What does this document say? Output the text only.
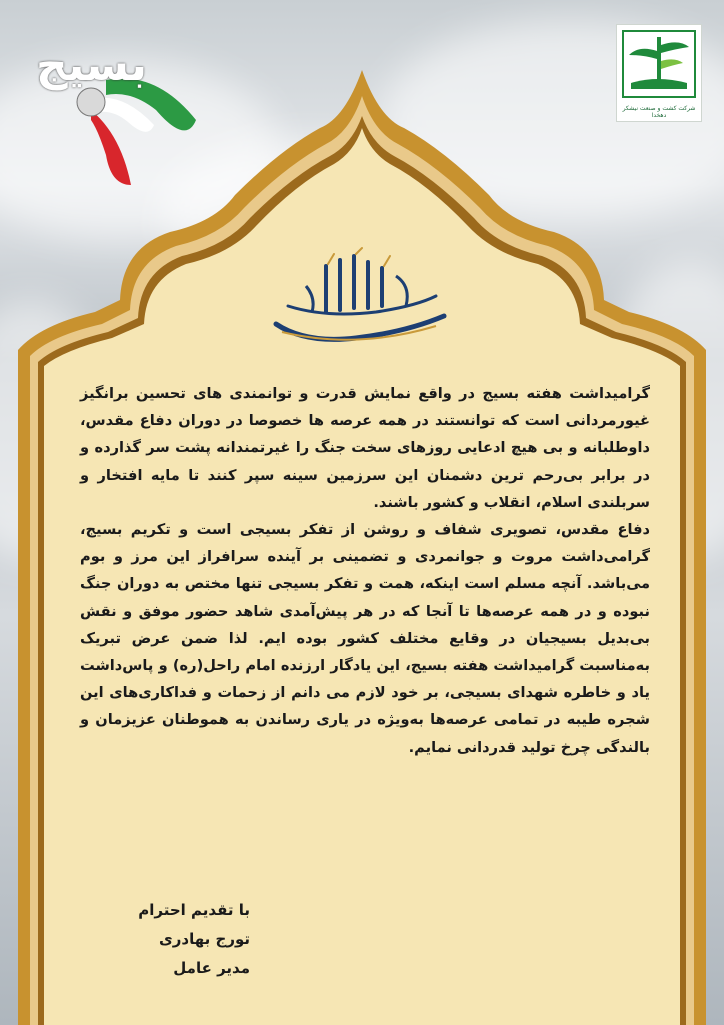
بسیج
شرکت کشت و صنعت نیشکر دهخدا

گرامیداشت هفته بسیج در واقع نمایش قدرت و توانمندی های تحسین برانگیز غیورمردانی است که توانستند در همه عرصه ها خصوصا در دوران دفاع مقدس، داوطلبانه و بی هیچ ادعایی روزهای سخت جنگ را غیرتمندانه پشت سر گذارده و در برابر بی‌رحم ترین دشمنان این سرزمین سینه سپر کنند تا مایه افتخار و سربلندی اسلام، انقلاب و کشور باشند.

دفاع مقدس، تصویری شفاف و روشن از تفکر بسیجی است و تکریم بسیج، گرامی‌داشت مروت و جوانمردی و تضمینی بر آینده سرافراز این مرز و بوم می‌باشد. آنچه مسلم است اینکه، همت و تفکر بسیجی تنها مختص به دوران جنگ نبوده و در همه عرصه‌ها تا آنجا که در هر پیش‌آمدی شاهد حضور موفق و نقش بی‌بدیل بسیجیان در وقایع مختلف کشور بوده ایم. لذا ضمن عرض تبریک به‌مناسبت گرامیداشت هفته بسیج، این یادگار ارزنده امام راحل(ره) و پاس‌داشت یاد و خاطره شهدای بسیجی، بر خود لازم می دانم از زحمات و فداکاری‌های این شجره طیبه در تمامی عرصه‌ها به‌ویژه در یاری رساندن به هموطنان عزیزمان و بالندگی چرخ تولید قدردانی نمایم.

با تقدیم احترام
تورج بهادری
مدیر عامل
